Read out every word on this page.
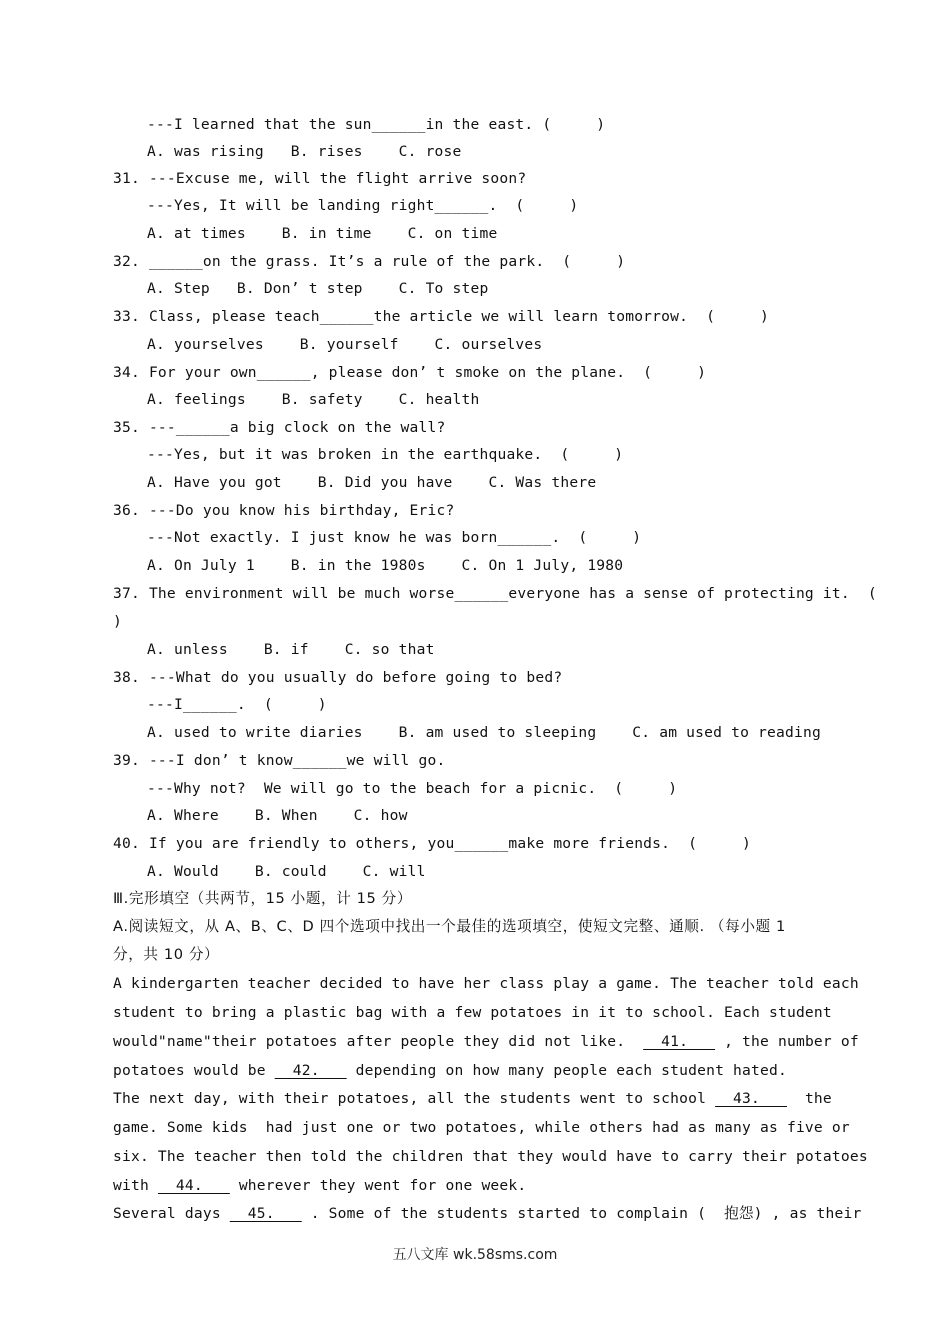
---I learned that the sun______in the east. (     )
A. was rising   B. rises    C. rose
31. ---Excuse me, will the flight arrive soon?
---Yes, It will be landing right______.  (     )
A. at times    B. in time    C. on time
32. ______on the grass. It’s a rule of the park.  (     )
A. Step   B. Don’ t step    C. To step
33. Class, please teach______the article we will learn tomorrow.  (     )
A. yourselves    B. yourself    C. ourselves
34. For your own______, please don’ t smoke on the plane.  (     )
A. feelings    B. safety    C. health
35. ---______a big clock on the wall?
---Yes, but it was broken in the earthquake.  (     )
A. Have you got    B. Did you have    C. Was there
36. ---Do you know his birthday, Eric?
---Not exactly. I just know he was born______.  (     )
A. On July 1    B. in the 1980s    C. On 1 July, 1980
37. The environment will be much worse______everyone has a sense of protecting it.  (
)
A. unless    B. if    C. so that
38. ---What do you usually do before going to bed?
---I______.  (     )
A. used to write diaries    B. am used to sleeping    C. am used to reading
39. ---I don’ t know______we will go.
---Why not?  We will go to the beach for a picnic.  (     )
A. Where    B. When    C. how
40. If you are friendly to others, you______make more friends.  (     )
A. Would    B. could    C. will
Ⅲ.完形填空（共两节，15 小题，计 15 分）
A.阅读短文，从 A、B、C、D 四个选项中找出一个最佳的选项填空，使短文完整、通顺. （每小题 1
分，共 10 分）
A kindergarten teacher decided to have her class play a game. The teacher told each
student to bring a plastic bag with a few potatoes in it to school. Each student
would"name"their potatoes after people they did not like.  __41.___ , the number of
potatoes would be __42.___ depending on how many people each student hated.
The next day, with their potatoes, all the students went to school __43.___  the
game. Some kids  had just one or two potatoes, while others had as many as five or
six. The teacher then told the children that they would have to carry their potatoes
with __44.___ wherever they went for one week.
Several days __45.___ . Some of the students started to complain (  抱怨) , as their
五八文库 wk.58sms.com
